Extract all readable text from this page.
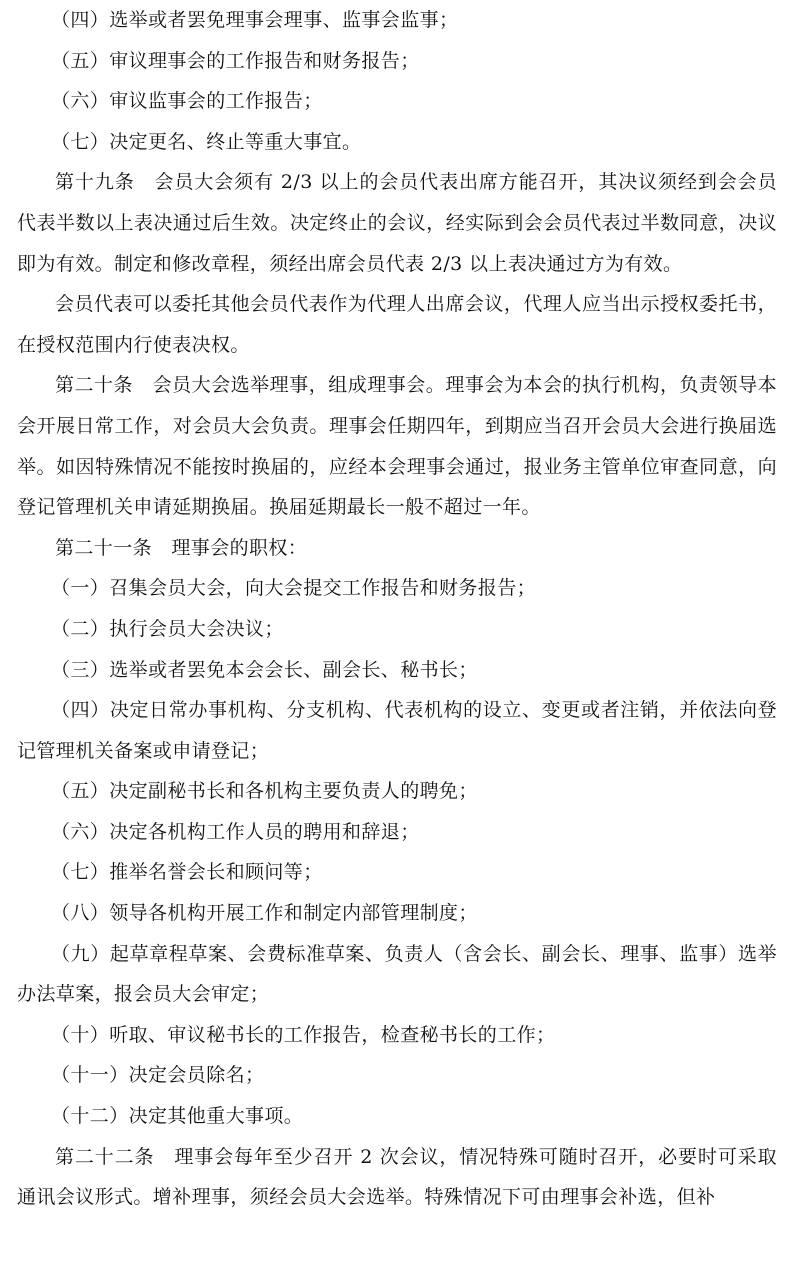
（四）选举或者罢免理事会理事、监事会监事；

（五）审议理事会的工作报告和财务报告；

（六）审议监事会的工作报告；

（七）决定更名、终止等重大事宜。

第十九条　会员大会须有 2/3 以上的会员代表出席方能召开，其决议须经到会会员代表半数以上表决通过后生效。决定终止的会议，经实际到会会员代表过半数同意，决议即为有效。制定和修改章程，须经出席会员代表 2/3 以上表决通过方为有效。

会员代表可以委托其他会员代表作为代理人出席会议，代理人应当出示授权委托书，在授权范围内行使表决权。

第二十条　会员大会选举理事，组成理事会。理事会为本会的执行机构，负责领导本会开展日常工作，对会员大会负责。理事会任期四年，到期应当召开会员大会进行换届选举。如因特殊情况不能按时换届的，应经本会理事会通过，报业务主管单位审查同意，向登记管理机关申请延期换届。换届延期最长一般不超过一年。

第二十一条　理事会的职权：

（一）召集会员大会，向大会提交工作报告和财务报告；

（二）执行会员大会决议；

（三）选举或者罢免本会会长、副会长、秘书长；

（四）决定日常办事机构、分支机构、代表机构的设立、变更或者注销，并依法向登记管理机关备案或申请登记；

（五）决定副秘书长和各机构主要负责人的聘免；

（六）决定各机构工作人员的聘用和辞退；

（七）推举名誉会长和顾问等；

（八）领导各机构开展工作和制定内部管理制度；

（九）起草章程草案、会费标准草案、负责人（含会长、副会长、理事、监事）选举办法草案，报会员大会审定；

（十）听取、审议秘书长的工作报告，检查秘书长的工作；

（十一）决定会员除名；

（十二）决定其他重大事项。

第二十二条　理事会每年至少召开 2 次会议，情况特殊可随时召开，必要时可采取通讯会议形式。增补理事，须经会员大会选举。特殊情况下可由理事会补选，但补
